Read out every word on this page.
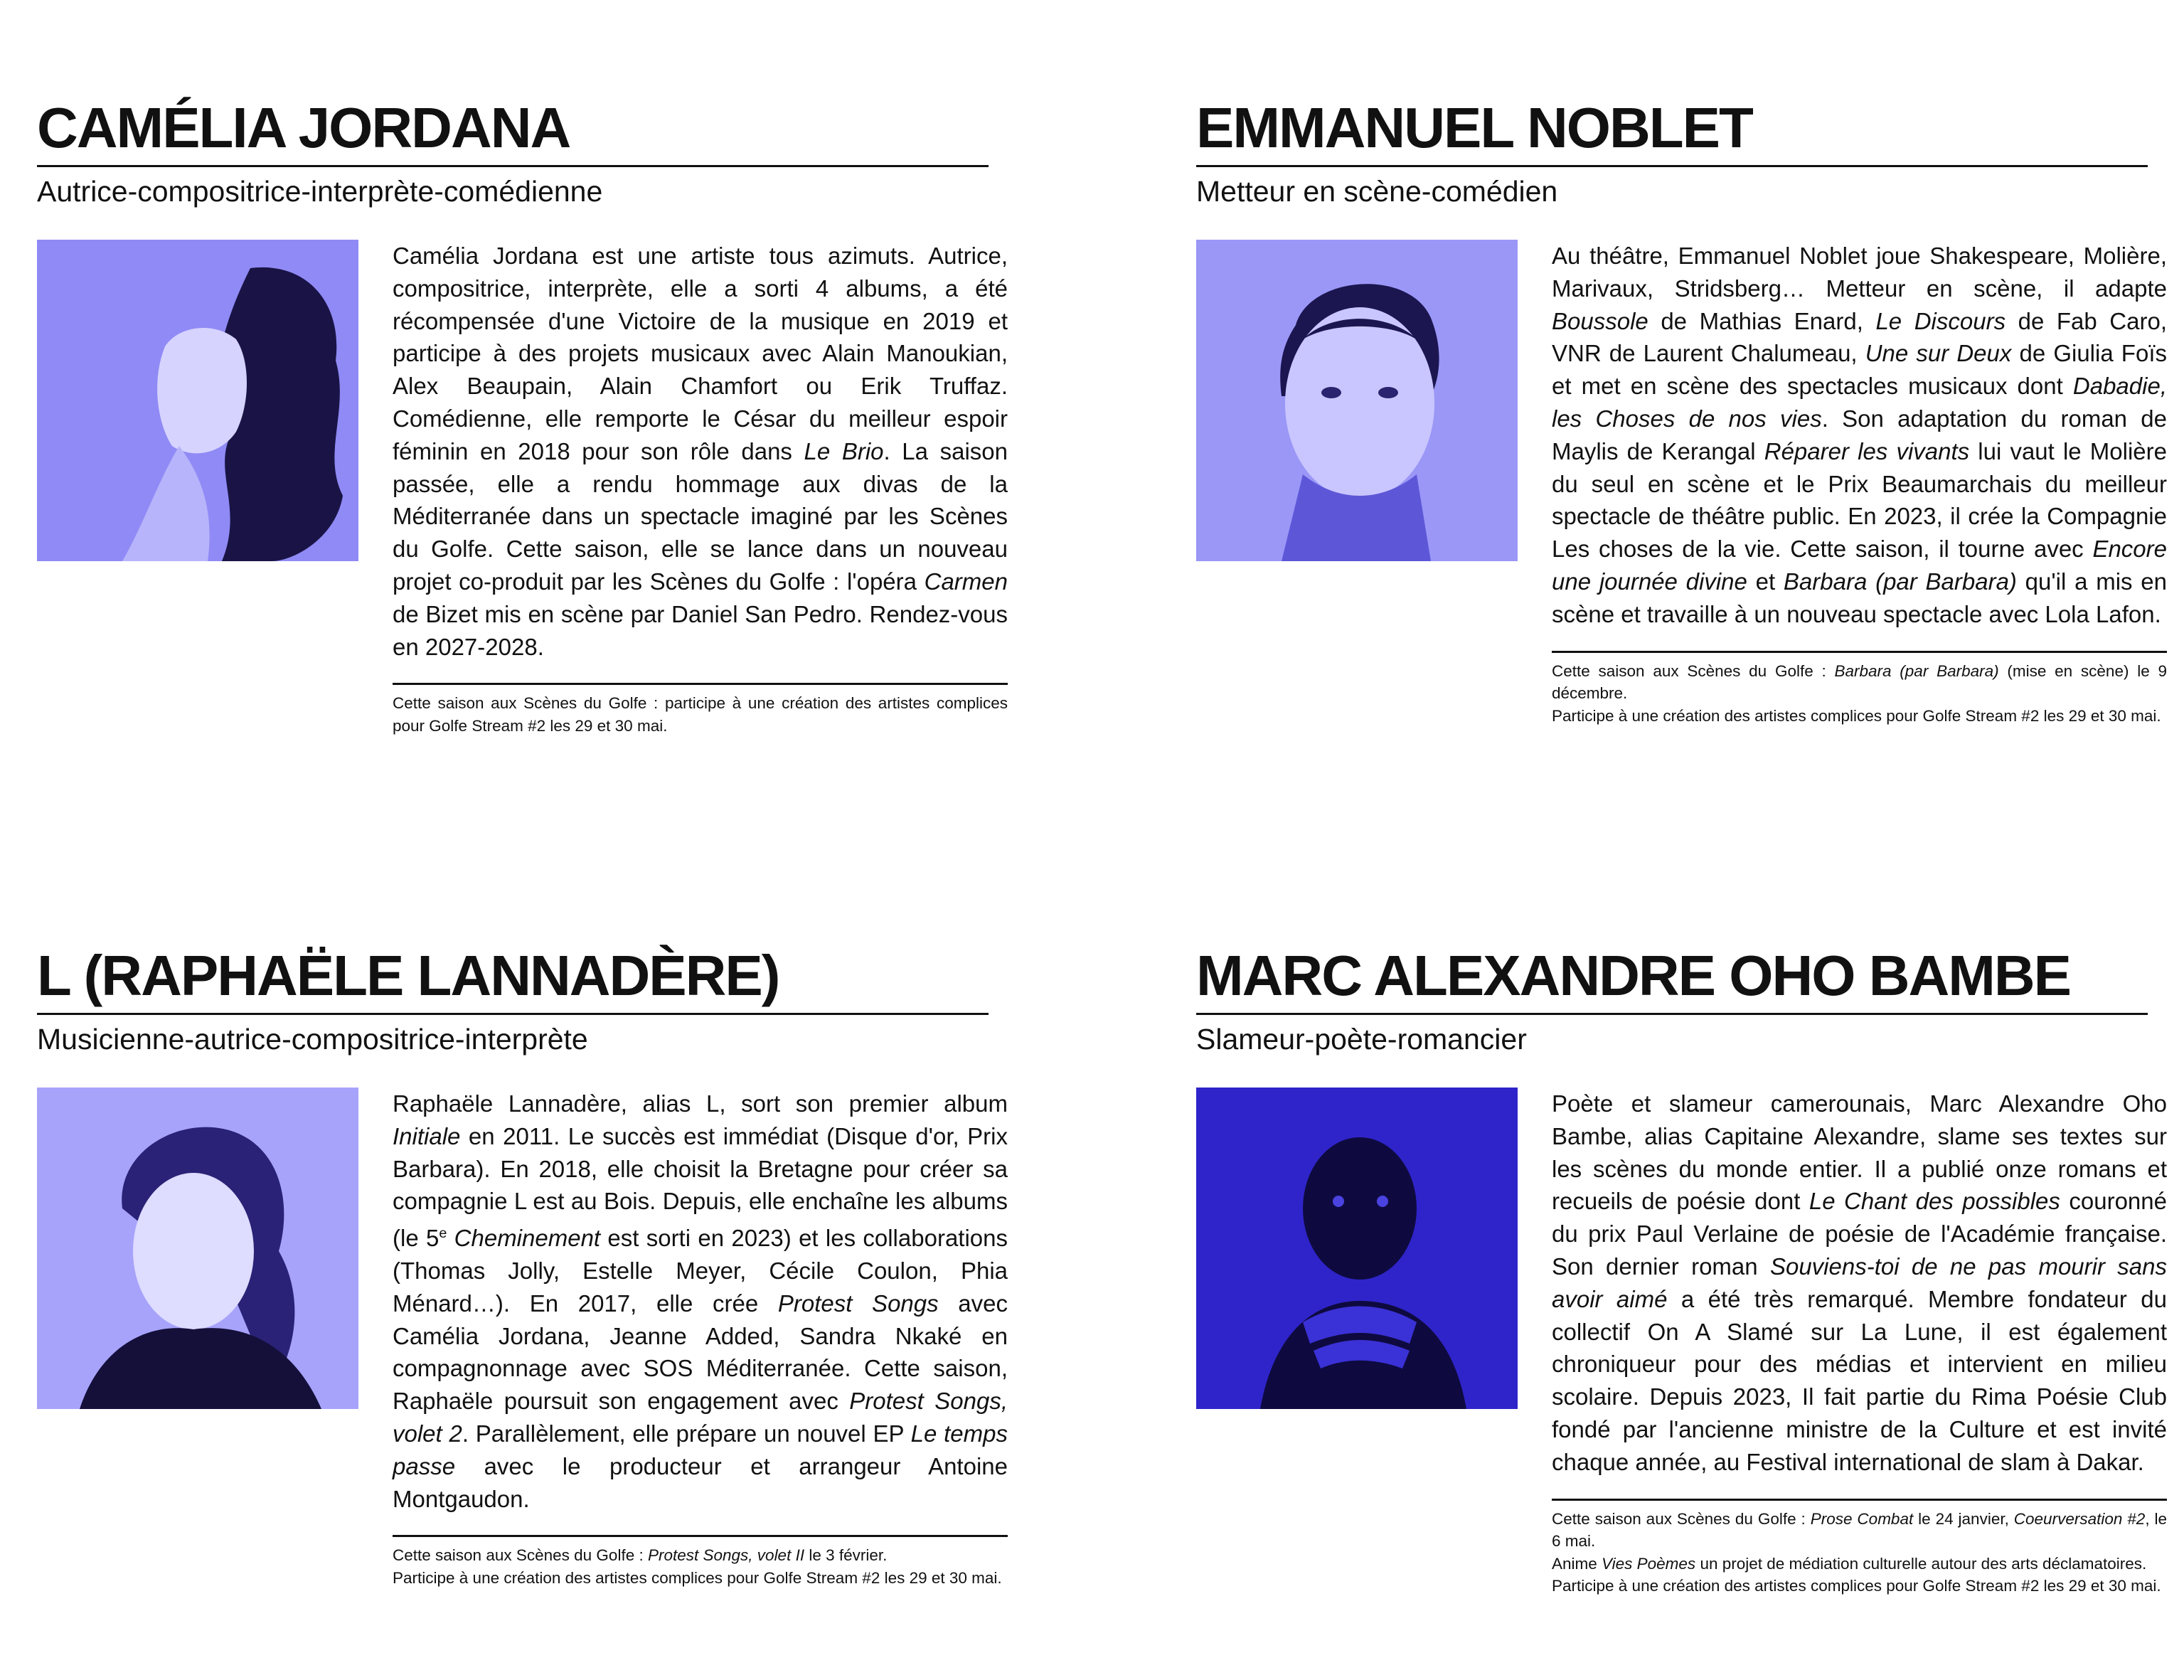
CAMÉLIA JORDANA

Autrice-compositrice-interprète-comédienne

Camélia Jordana est une artiste tous azimuts. Autrice, compositrice, interprète, elle a sorti 4 albums, a été récompensée d'une Victoire de la musique en 2019 et participe à des projets musicaux avec Alain Manoukian, Alex Beaupain, Alain Chamfort ou Erik Truffaz. Comédienne, elle remporte le César du meilleur espoir féminin en 2018 pour son rôle dans Le Brio. La saison passée, elle a rendu hommage aux divas de la Méditerranée dans un spectacle imaginé par les Scènes du Golfe. Cette saison, elle se lance dans un nouveau projet co-produit par les Scènes du Golfe : l'opéra Carmen de Bizet mis en scène par Daniel San Pedro. Rendez-vous en 2027-2028.

Cette saison aux Scènes du Golfe : participe à une création des artistes complices pour Golfe Stream #2 les 29 et 30 mai.

EMMANUEL NOBLET

Metteur en scène-comédien

Au théâtre, Emmanuel Noblet joue Shakespeare, Molière, Marivaux, Stridsberg… Metteur en scène, il adapte Boussole de Mathias Enard, Le Discours de Fab Caro, VNR de Laurent Chalumeau, Une sur Deux de Giulia Foïs et met en scène des spectacles musicaux dont Dabadie, les Choses de nos vies. Son adaptation du roman de Maylis de Kerangal Réparer les vivants lui vaut le Molière du seul en scène et le Prix Beaumarchais du meilleur spectacle de théâtre public. En 2023, il crée la Compagnie Les choses de la vie. Cette saison, il tourne avec Encore une journée divine et Barbara (par Barbara) qu'il a mis en scène et travaille à un nouveau spectacle avec Lola Lafon.

Cette saison aux Scènes du Golfe : Barbara (par Barbara) (mise en scène) le 9 décembre.
Participe à une création des artistes complices pour Golfe Stream #2 les 29 et 30 mai.

L (RAPHAËLE LANNADÈRE)

Musicienne-autrice-compositrice-interprète

Raphaële Lannadère, alias L, sort son premier album Initiale en 2011. Le succès est immédiat (Disque d'or, Prix Barbara). En 2018, elle choisit la Bretagne pour créer sa compagnie L est au Bois. Depuis, elle enchaîne les albums (le 5e Cheminement est sorti en 2023) et les collaborations (Thomas Jolly, Estelle Meyer, Cécile Coulon, Phia Ménard…). En 2017, elle crée Protest Songs avec Camélia Jordana, Jeanne Added, Sandra Nkaké en compagnonnage avec SOS Méditerranée. Cette saison, Raphaële poursuit son engagement avec Protest Songs, volet 2. Parallèlement, elle prépare un nouvel EP Le temps passe avec le producteur et arrangeur Antoine Montgaudon.

Cette saison aux Scènes du Golfe : Protest Songs, volet II le 3 février.
Participe à une création des artistes complices pour Golfe Stream #2 les 29 et 30 mai.

MARC ALEXANDRE OHO BAMBE

Slameur-poète-romancier

Poète et slameur camerounais, Marc Alexandre Oho Bambe, alias Capitaine Alexandre, slame ses textes sur les scènes du monde entier. Il a publié onze romans et recueils de poésie dont Le Chant des possibles couronné du prix Paul Verlaine de poésie de l'Académie française. Son dernier roman Souviens-toi de ne pas mourir sans avoir aimé a été très remarqué. Membre fondateur du collectif On A Slamé sur La Lune, il est également chroniqueur pour des médias et intervient en milieu scolaire. Depuis 2023, Il fait partie du Rima Poésie Club fondé par l'ancienne ministre de la Culture et est invité chaque année, au Festival international de slam à Dakar.

Cette saison aux Scènes du Golfe : Prose Combat le 24 janvier, Coeurversation #2, le 6 mai.
Anime Vies Poèmes un projet de médiation culturelle autour des arts déclamatoires.
Participe à une création des artistes complices pour Golfe Stream #2 les 29 et 30 mai.
